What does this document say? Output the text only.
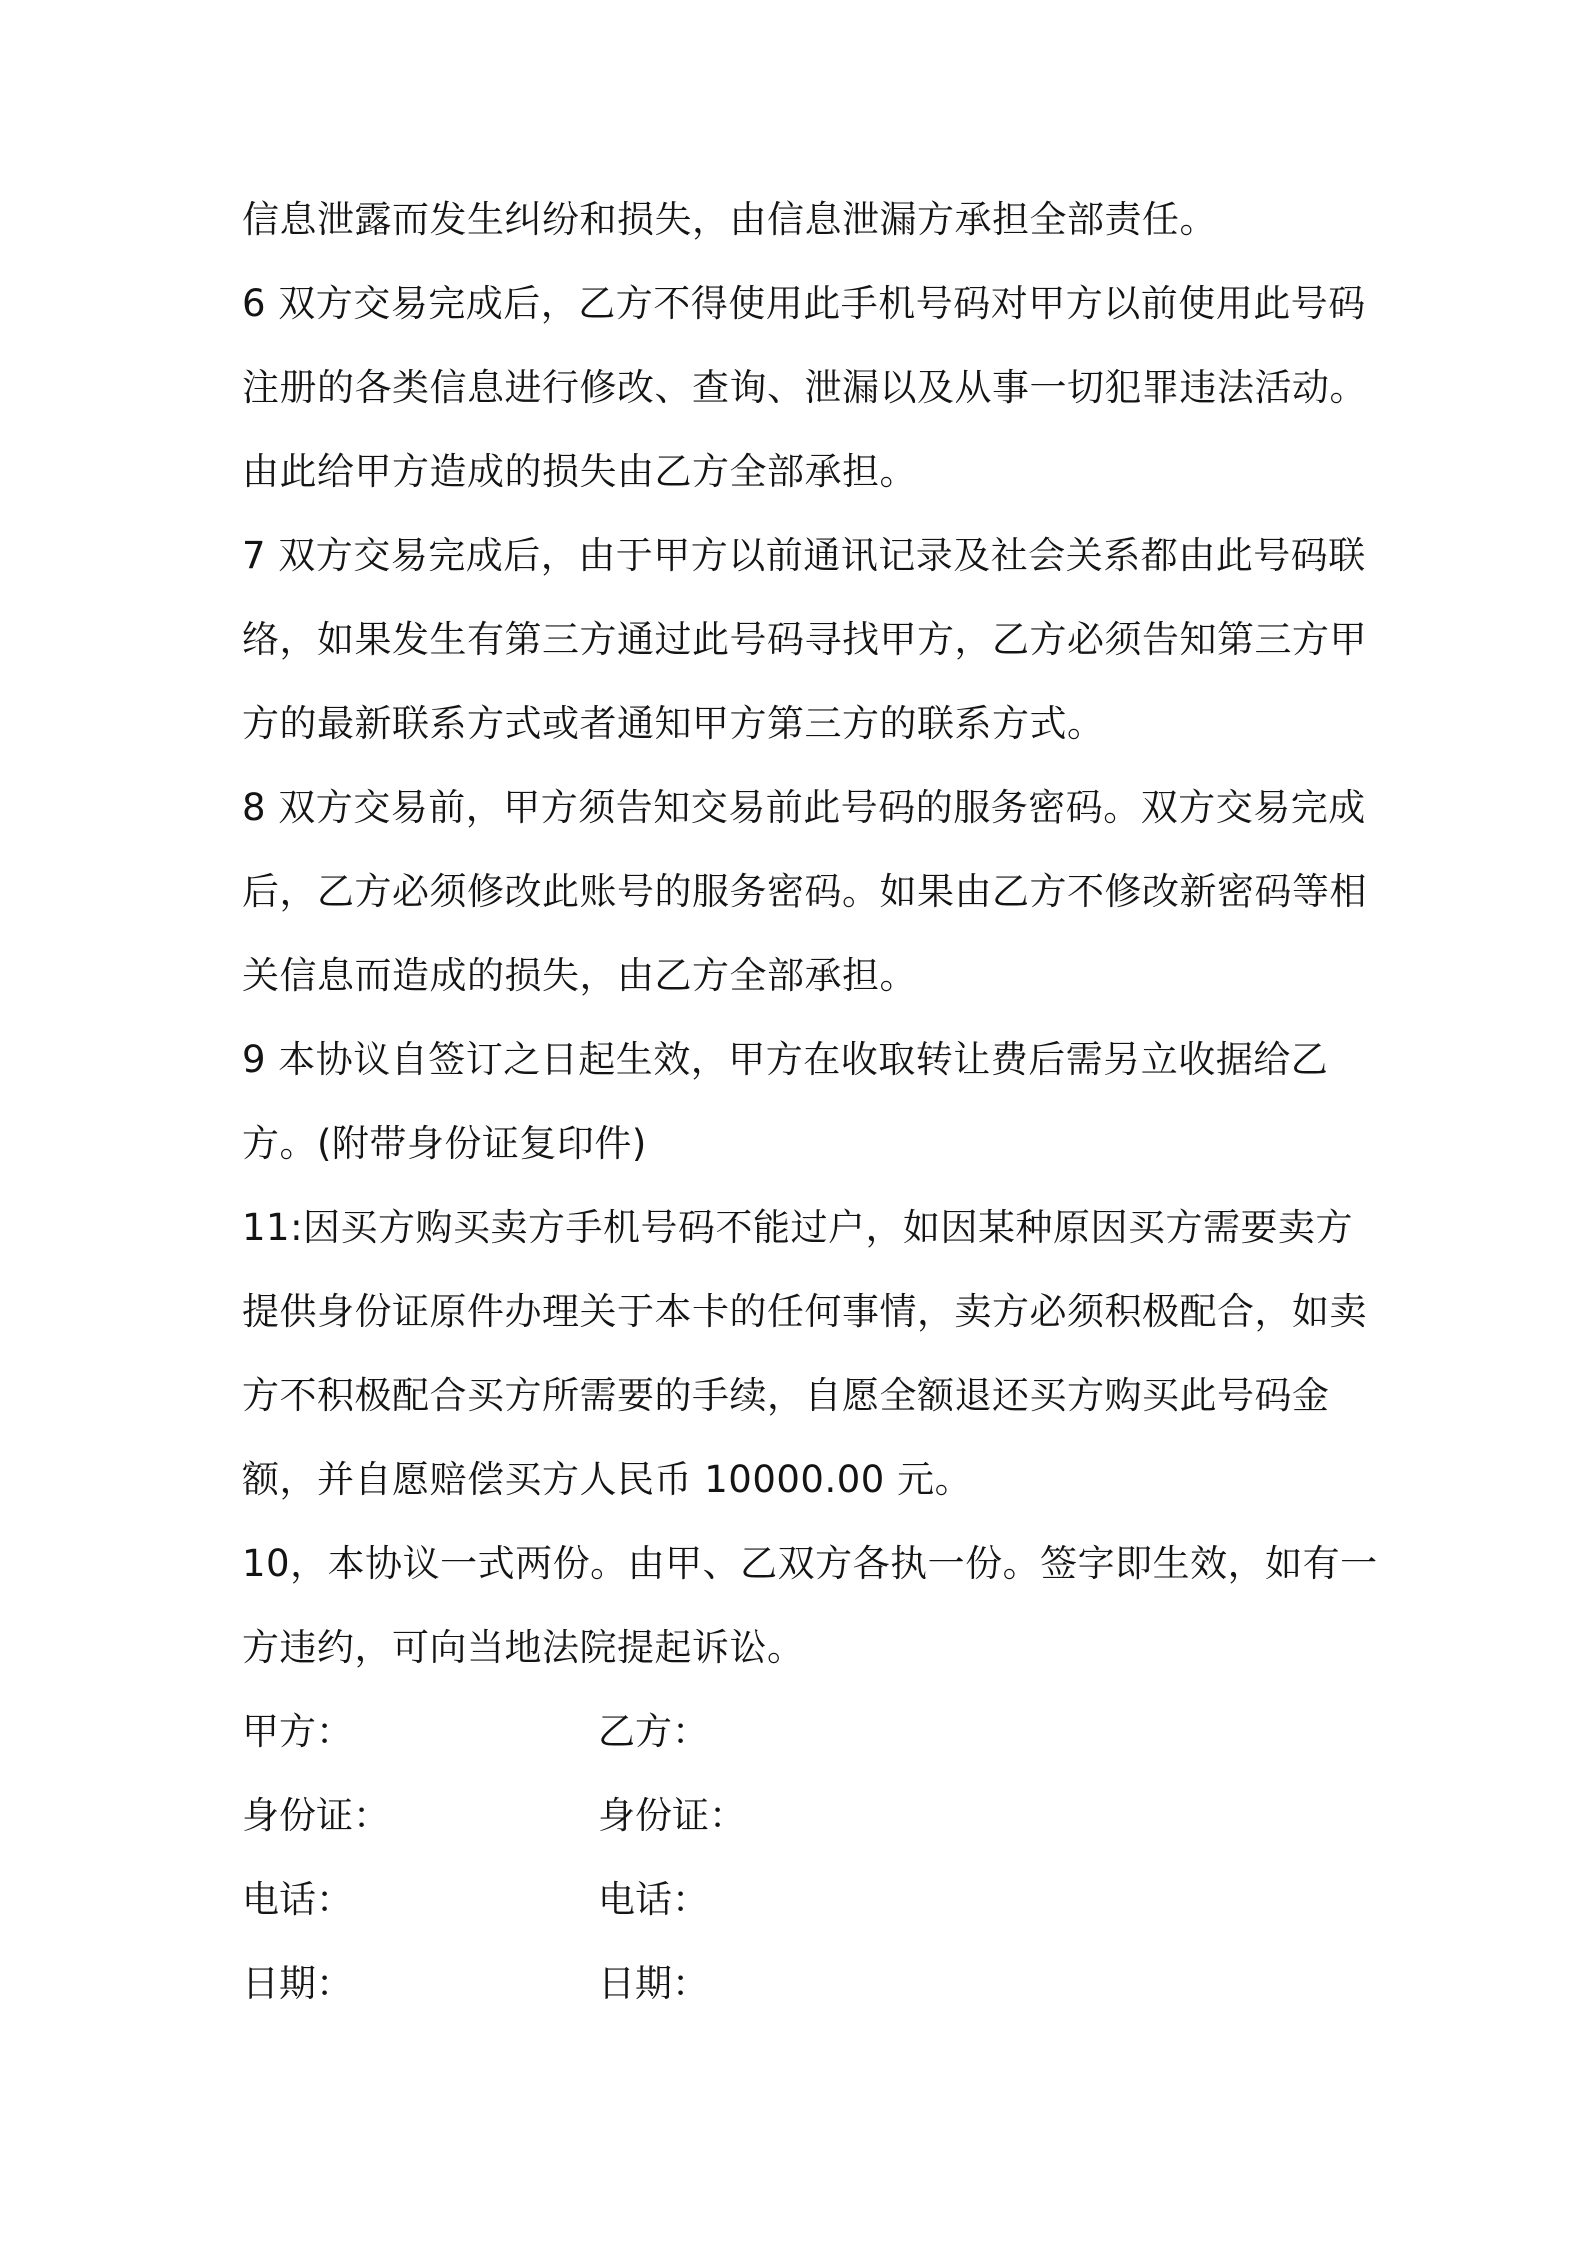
信息泄露而发生纠纷和损失，由信息泄漏方承担全部责任。
6 双方交易完成后，乙方不得使用此手机号码对甲方以前使用此号码
注册的各类信息进行修改、查询、泄漏以及从事一切犯罪违法活动。
由此给甲方造成的损失由乙方全部承担。
7 双方交易完成后，由于甲方以前通讯记录及社会关系都由此号码联
络，如果发生有第三方通过此号码寻找甲方，乙方必须告知第三方甲
方的最新联系方式或者通知甲方第三方的联系方式。
8 双方交易前，甲方须告知交易前此号码的服务密码。双方交易完成
后，乙方必须修改此账号的服务密码。如果由乙方不修改新密码等相
关信息而造成的损失，由乙方全部承担。
9 本协议自签订之日起生效，甲方在收取转让费后需另立收据给乙
方。(附带身份证复印件)
11:因买方购买卖方手机号码不能过户，如因某种原因买方需要卖方
提供身份证原件办理关于本卡的任何事情，卖方必须积极配合，如卖
方不积极配合买方所需要的手续，自愿全额退还买方购买此号码金
额，并自愿赔偿买方人民币 10000.00 元。
10，本协议一式两份。由甲、乙双方各执一份。签字即生效，如有一
方违约，可向当地法院提起诉讼。
甲方：	乙方：
身份证：	身份证：
电话：	电话：
日期：	日期：
